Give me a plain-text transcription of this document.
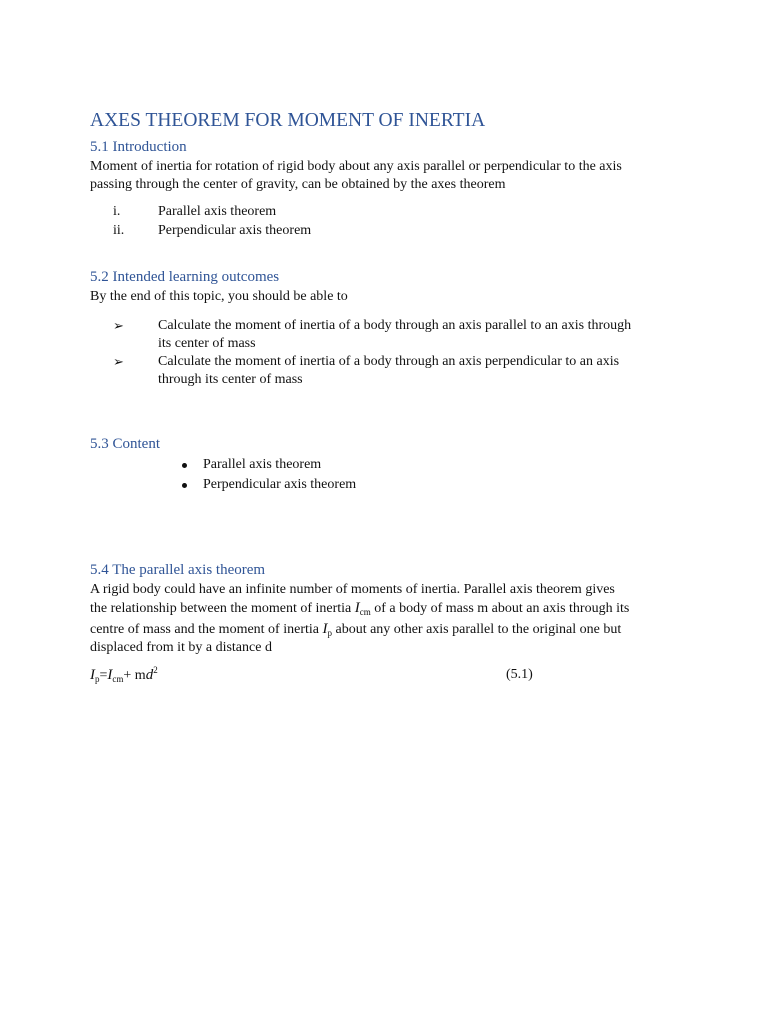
AXES THEOREM FOR MOMENT OF INERTIA
5.1 Introduction
Moment of inertia for rotation of rigid body about any axis parallel or perpendicular to the axis
passing through the center of gravity, can be obtained by the axes theorem
i.	Parallel axis theorem
ii. Perpendicular axis theorem
5.2 Intended learning outcomes
By the end of this topic, you should be able to
➢ Calculate the moment of inertia of a body through an axis parallel to an axis through
its center of mass
➢ Calculate the moment of inertia of a body through an axis perpendicular to an axis
through its center of mass
5.3 Content
Parallel axis theorem
Perpendicular axis theorem
5.4 The parallel axis theorem
A rigid body could have an infinite number of moments of inertia. Parallel axis theorem gives
the relationship between the moment of inertia $I_{cm}$ of a body of mass m about an axis through its
centre of mass and the moment of inertia $I_p$ about any other axis parallel to the original one but
displaced from it by a distance d
$I_p=I_{cm}+ md^2$	(5.1)
